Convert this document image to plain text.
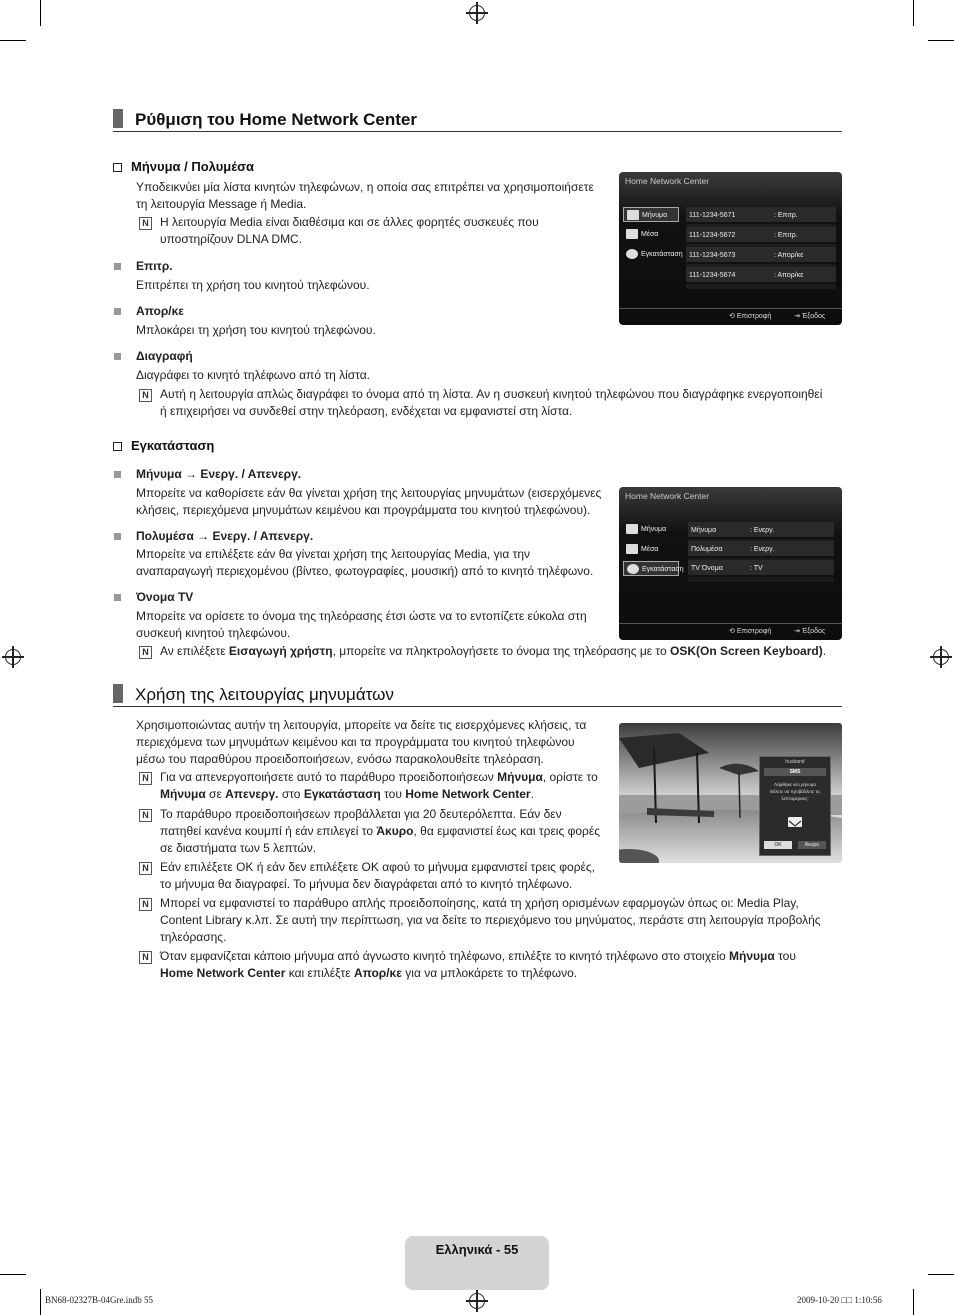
Ρύθμιση του Home Network Center
Μήνυμα / Πολυμέσα
Υποδεικνύει μία λίστα κινητών τηλεφώνων, η οποία σας επιτρέπει να χρησιμοποιήσετε
τη λειτουργία Message ή Media.
N Η λειτουργία Media είναι διαθέσιμα και σε άλλες φορητές συσκευές που
υποστηρίζουν DLNA DMC.
Επιτρ.
Επιτρέπει τη χρήση του κινητού τηλεφώνου.
Απορ/κε
Μπλοκάρει τη χρήση του κινητού τηλεφώνου.
Διαγραφή
Διαγράφει το κινητό τηλέφωνο από τη λίστα.
N Αυτή η λειτουργία απλώς διαγράφει το όνομα από τη λίστα. Αν η συσκευή κινητού τηλεφώνου που διαγράφηκε ενεργοποιηθεί
ή επιχειρήσει να συνδεθεί στην τηλεόραση, ενδέχεται να εμφανιστεί στη λίστα.
Home Network Center
Μήνυμα
Μέσα
Εγκατάσταση
111-1234-5671	: Επιτρ.
111-1234-5672	: Επιτρ.
111-1234-5673	: Απορ/κε
111-1234-5674	: Απορ/κε
⟲ Επιστροφή	⇥ Έξοδος
Εγκατάσταση
Μήνυμα → Ενεργ. / Απενεργ.
Μπορείτε να καθορίσετε εάν θα γίνεται χρήση της λειτουργίας μηνυμάτων (εισερχόμενες
κλήσεις, περιεχόμενα μηνυμάτων κειμένου και προγράμματα του κινητού τηλεφώνου).
Πολυμέσα → Ενεργ. / Απενεργ.
Μπορείτε να επιλέξετε εάν θα γίνεται χρήση της λειτουργίας Media, για την
αναπαραγωγή περιεχομένου (βίντεο, φωτογραφίες, μουσική) από το κινητό τηλέφωνο.
Όνομα TV
Μπορείτε να ορίσετε το όνομα της τηλεόρασης έτσι ώστε να το εντοπίζετε εύκολα στη
συσκευή κινητού τηλεφώνου.
N Αν επιλέξετε Εισαγωγή χρήστη, μπορείτε να πληκτρολογήσετε το όνομα της τηλεόρασης με το OSK(On Screen Keyboard).
Home Network Center
Μήνυμα
Μέσα
Εγκατάσταση
Μήνυμα	: Ενεργ.
Πολυμέσα	: Ενεργ.
TV Όνομα	: TV
⟲ Επιστροφή	⇥ Έξοδος
Χρήση της λειτουργίας μηνυμάτων
Χρησιμοποιώντας αυτήν τη λειτουργία, μπορείτε να δείτε τις εισερχόμενες κλήσεις, τα
περιεχόμενα των μηνυμάτων κειμένου και τα προγράμματα του κινητού τηλεφώνου
μέσω του παραθύρου προειδοποιήσεων, ενόσω παρακολουθείτε τηλεόραση.
N Για να απενεργοποιήσετε αυτό το παράθυρο προειδοποιήσεων Μήνυμα, ορίστε το
Μήνυμα σε Απενεργ. στο Εγκατάσταση του Home Network Center.
N Το παράθυρο προειδοποιήσεων προβάλλεται για 20 δευτερόλεπτα. Εάν δεν
πατηθεί κανένα κουμπί ή εάν επιλεγεί το Άκυρο, θα εμφανιστεί έως και τρεις φορές
σε διαστήματα των 5 λεπτών.
N Εάν επιλέξετε OK ή εάν δεν επιλέξετε OK αφού το μήνυμα εμφανιστεί τρεις φορές,
το μήνυμα θα διαγραφεί. Το μήνυμα δεν διαγράφεται από το κινητό τηλέφωνο.
N Μπορεί να εμφανιστεί το παράθυρο απλής προειδοποίησης, κατά τη χρήση ορισμένων εφαρμογών όπως οι: Media Play,
Content Library κ.λπ. Σε αυτή την περίπτωση, για να δείτε το περιεχόμενο του μηνύματος, περάστε στη λειτουργία προβολής
τηλεόρασης.
N Όταν εμφανίζεται κάποιο μήνυμα από άγνωστο κινητό τηλέφωνο, επιλέξτε το κινητό τηλέφωνο στο στοιχείο Μήνυμα του
Home Network Center και επιλέξτε Απορ/κε για να μπλοκάρετε το τηλέφωνο.
husband
SMS
Λήφθηκε νέο μήνυμα
Θέλετε να προβάλλετε τις
λεπτομέρειες;
OK	Άκυρο
Ελληνικά - 55
BN68-02327B-04Gre.indb 55	2009-10-20 □□ 1:10:56
